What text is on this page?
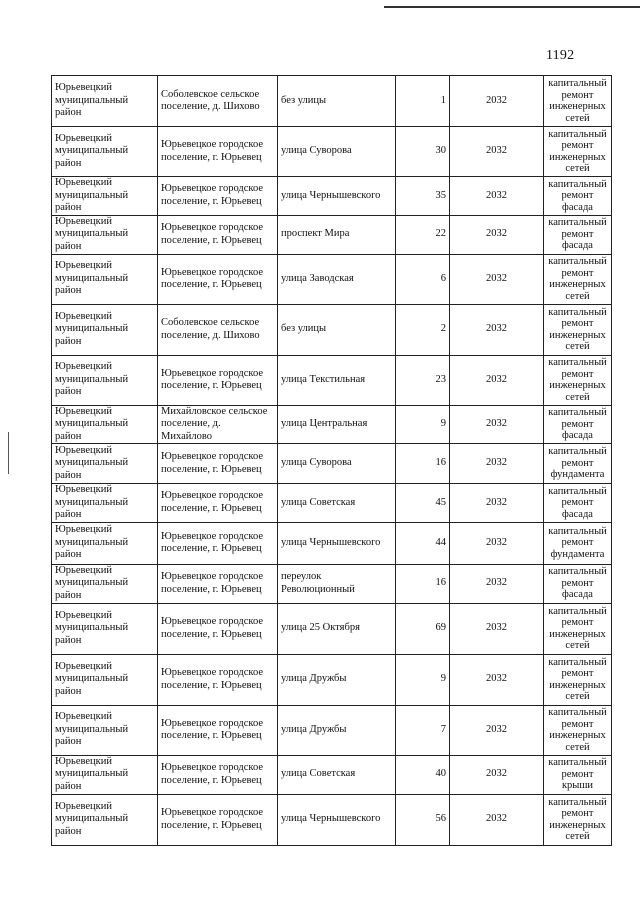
1192
Юрьевецкий муниципальный район	Соболевское сельское поселение, д. Шихово	без улицы	1	2032	капитальный ремонт инженерных сетей
Юрьевецкий муниципальный район	Юрьевецкое городское поселение, г. Юрьевец	улица Суворова	30	2032	капитальный ремонт инженерных сетей
Юрьевецкий муниципальный район	Юрьевецкое городское поселение, г. Юрьевец	улица Чернышевского	35	2032	капитальный ремонт фасада
Юрьевецкий муниципальный район	Юрьевецкое городское поселение, г. Юрьевец	проспект Мира	22	2032	капитальный ремонт фасада
Юрьевецкий муниципальный район	Юрьевецкое городское поселение, г. Юрьевец	улица Заводская	6	2032	капитальный ремонт инженерных сетей
Юрьевецкий муниципальный район	Соболевское сельское поселение, д. Шихово	без улицы	2	2032	капитальный ремонт инженерных сетей
Юрьевецкий муниципальный район	Юрьевецкое городское поселение, г. Юрьевец	улица Текстильная	23	2032	капитальный ремонт инженерных сетей
Юрьевецкий муниципальный район	Михайловское сельское поселение, д. Михайлово	улица Центральная	9	2032	капитальный ремонт фасада
Юрьевецкий муниципальный район	Юрьевецкое городское поселение, г. Юрьевец	улица Суворова	16	2032	капитальный ремонт фундамента
Юрьевецкий муниципальный район	Юрьевецкое городское поселение, г. Юрьевец	улица Советская	45	2032	капитальный ремонт фасада
Юрьевецкий муниципальный район	Юрьевецкое городское поселение, г. Юрьевец	улица Чернышевского	44	2032	капитальный ремонт фундамента
Юрьевецкий муниципальный район	Юрьевецкое городское поселение, г. Юрьевец	переулок Революционный	16	2032	капитальный ремонт фасада
Юрьевецкий муниципальный район	Юрьевецкое городское поселение, г. Юрьевец	улица 25 Октября	69	2032	капитальный ремонт инженерных сетей
Юрьевецкий муниципальный район	Юрьевецкое городское поселение, г. Юрьевец	улица Дружбы	9	2032	капитальный ремонт инженерных сетей
Юрьевецкий муниципальный район	Юрьевецкое городское поселение, г. Юрьевец	улица Дружбы	7	2032	капитальный ремонт инженерных сетей
Юрьевецкий муниципальный район	Юрьевецкое городское поселение, г. Юрьевец	улица Советская	40	2032	капитальный ремонт крыши
Юрьевецкий муниципальный район	Юрьевецкое городское поселение, г. Юрьевец	улица Чернышевского	56	2032	капитальный ремонт инженерных сетей
